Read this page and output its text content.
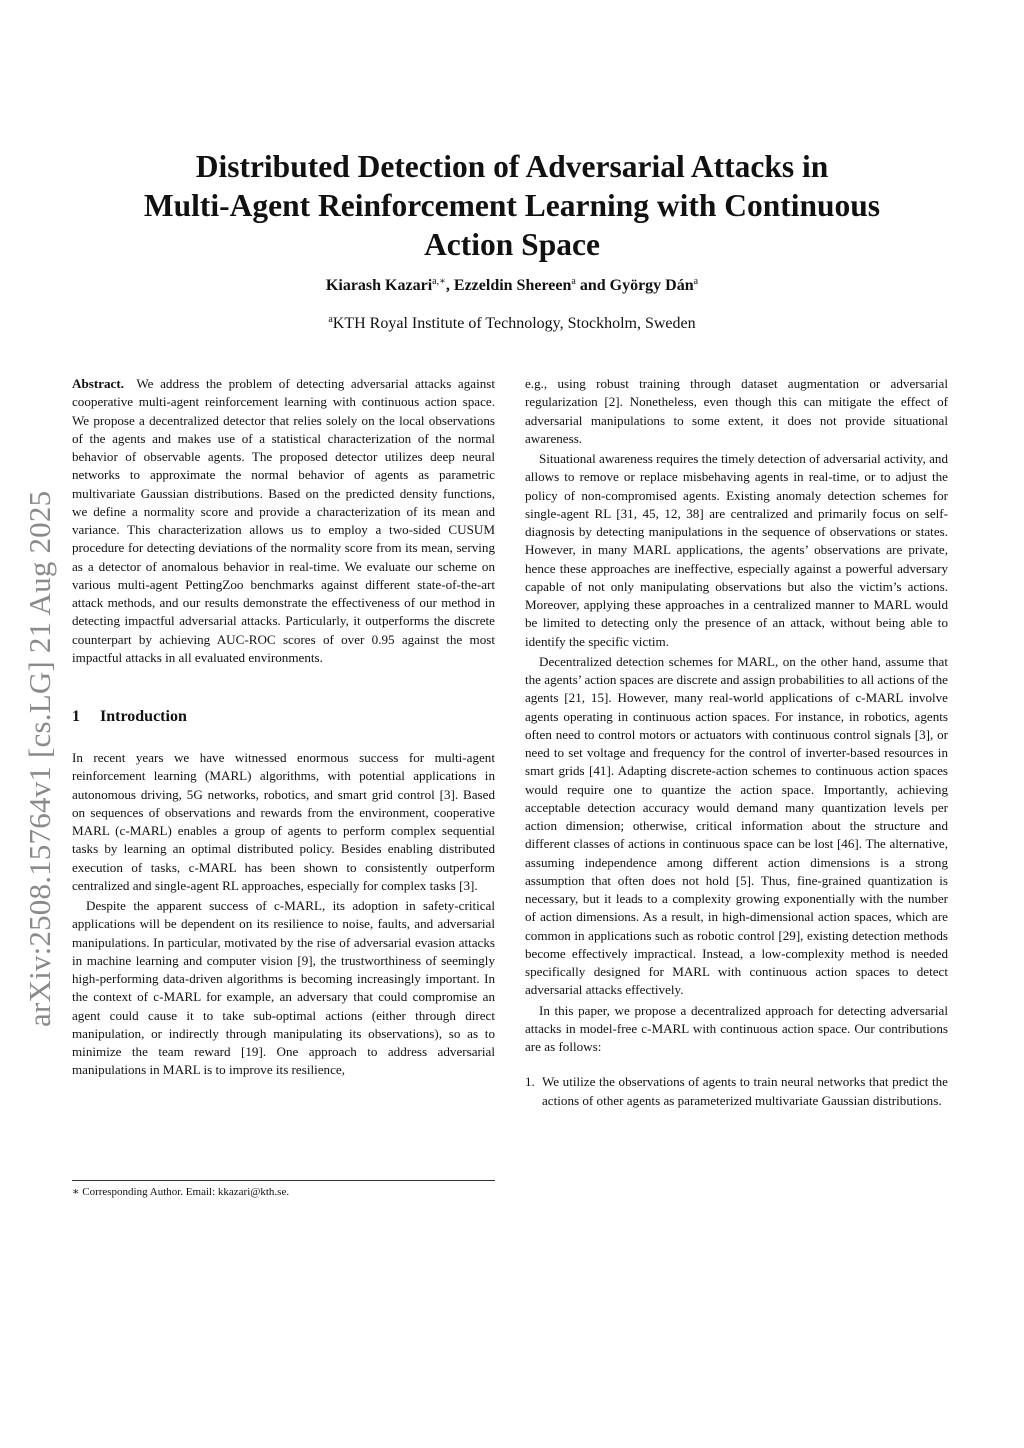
arXiv:2508.15764v1 [cs.LG] 21 Aug 2025
Distributed Detection of Adversarial Attacks in
Multi-Agent Reinforcement Learning with Continuous
Action Space
Kiarash Kazari$^{a,∗}$, Ezzeldin Shereen$^a$ and György Dán$^a$
$^a$KTH Royal Institute of Technology, Stockholm, Sweden

Abstract. We address the problem of detecting adversarial attacks against cooperative multi-agent reinforcement learning with continuous action space. We propose a decentralized detector that relies solely on the local observations of the agents and makes use of a statistical characterization of the normal behavior of observable agents. The proposed detector utilizes deep neural networks to approximate the normal behavior of agents as parametric multivariate Gaussian distributions. Based on the predicted density functions, we define a normality score and provide a characterization of its mean and variance. This characterization allows us to employ a two-sided CUSUM procedure for detecting deviations of the normality score from its mean, serving as a detector of anomalous behavior in real-time. We evaluate our scheme on various multi-agent PettingZoo benchmarks against different state-of-the-art attack methods, and our results demonstrate the effectiveness of our method in detecting impactful adversarial attacks. Particularly, it outperforms the discrete counterpart by achieving AUC-ROC scores of over 0.95 against the most impactful attacks in all evaluated environments.

1 Introduction

In recent years we have witnessed enormous success for multi-agent reinforcement learning (MARL) algorithms, with potential applications in autonomous driving, 5G networks, robotics, and smart grid control [3]. Based on sequences of observations and rewards from the environment, cooperative MARL (c-MARL) enables a group of agents to perform complex sequential tasks by learning an optimal distributed policy. Besides enabling distributed execution of tasks, c-MARL has been shown to consistently outperform centralized and single-agent RL approaches, especially for complex tasks [3].

Despite the apparent success of c-MARL, its adoption in safety-critical applications will be dependent on its resilience to noise, faults, and adversarial manipulations. In particular, motivated by the rise of adversarial evasion attacks in machine learning and computer vision [9], the trustworthiness of seemingly high-performing data-driven algorithms is becoming increasingly important. In the context of c-MARL for example, an adversary that could compromise an agent could cause it to take sub-optimal actions (either through direct manipulation, or indirectly through manipulating its observations), so as to minimize the team reward [19]. One approach to address adversarial manipulations in MARL is to improve its resilience,

∗ Corresponding Author. Email: kkazari@kth.se.

e.g., using robust training through dataset augmentation or adversarial regularization [2]. Nonetheless, even though this can mitigate the effect of adversarial manipulations to some extent, it does not provide situational awareness.

Situational awareness requires the timely detection of adversarial activity, and allows to remove or replace misbehaving agents in real-time, or to adjust the policy of non-compromised agents. Existing anomaly detection schemes for single-agent RL [31, 45, 12, 38] are centralized and primarily focus on self-diagnosis by detecting manipulations in the sequence of observations or states. However, in many MARL applications, the agents’ observations are private, hence these approaches are ineffective, especially against a powerful adversary capable of not only manipulating observations but also the victim’s actions. Moreover, applying these approaches in a centralized manner to MARL would be limited to detecting only the presence of an attack, without being able to identify the specific victim.

Decentralized detection schemes for MARL, on the other hand, assume that the agents’ action spaces are discrete and assign probabilities to all actions of the agents [21, 15]. However, many real-world applications of c-MARL involve agents operating in continuous action spaces. For instance, in robotics, agents often need to control motors or actuators with continuous control signals [3], or need to set voltage and frequency for the control of inverter-based resources in smart grids [41]. Adapting discrete-action schemes to continuous action spaces would require one to quantize the action space. Importantly, achieving acceptable detection accuracy would demand many quantization levels per action dimension; otherwise, critical information about the structure and different classes of actions in continuous space can be lost [46]. The alternative, assuming independence among different action dimensions is a strong assumption that often does not hold [5]. Thus, fine-grained quantization is necessary, but it leads to a complexity growing exponentially with the number of action dimensions. As a result, in high-dimensional action spaces, which are common in applications such as robotic control [29], existing detection methods become effectively impractical. Instead, a low-complexity method is needed specifically designed for MARL with continuous action spaces to detect adversarial attacks effectively.

In this paper, we propose a decentralized approach for detecting adversarial attacks in model-free c-MARL with continuous action space. Our contributions are as follows:

1. We utilize the observations of agents to train neural networks that predict the actions of other agents as parameterized multivariate Gaussian distributions.
